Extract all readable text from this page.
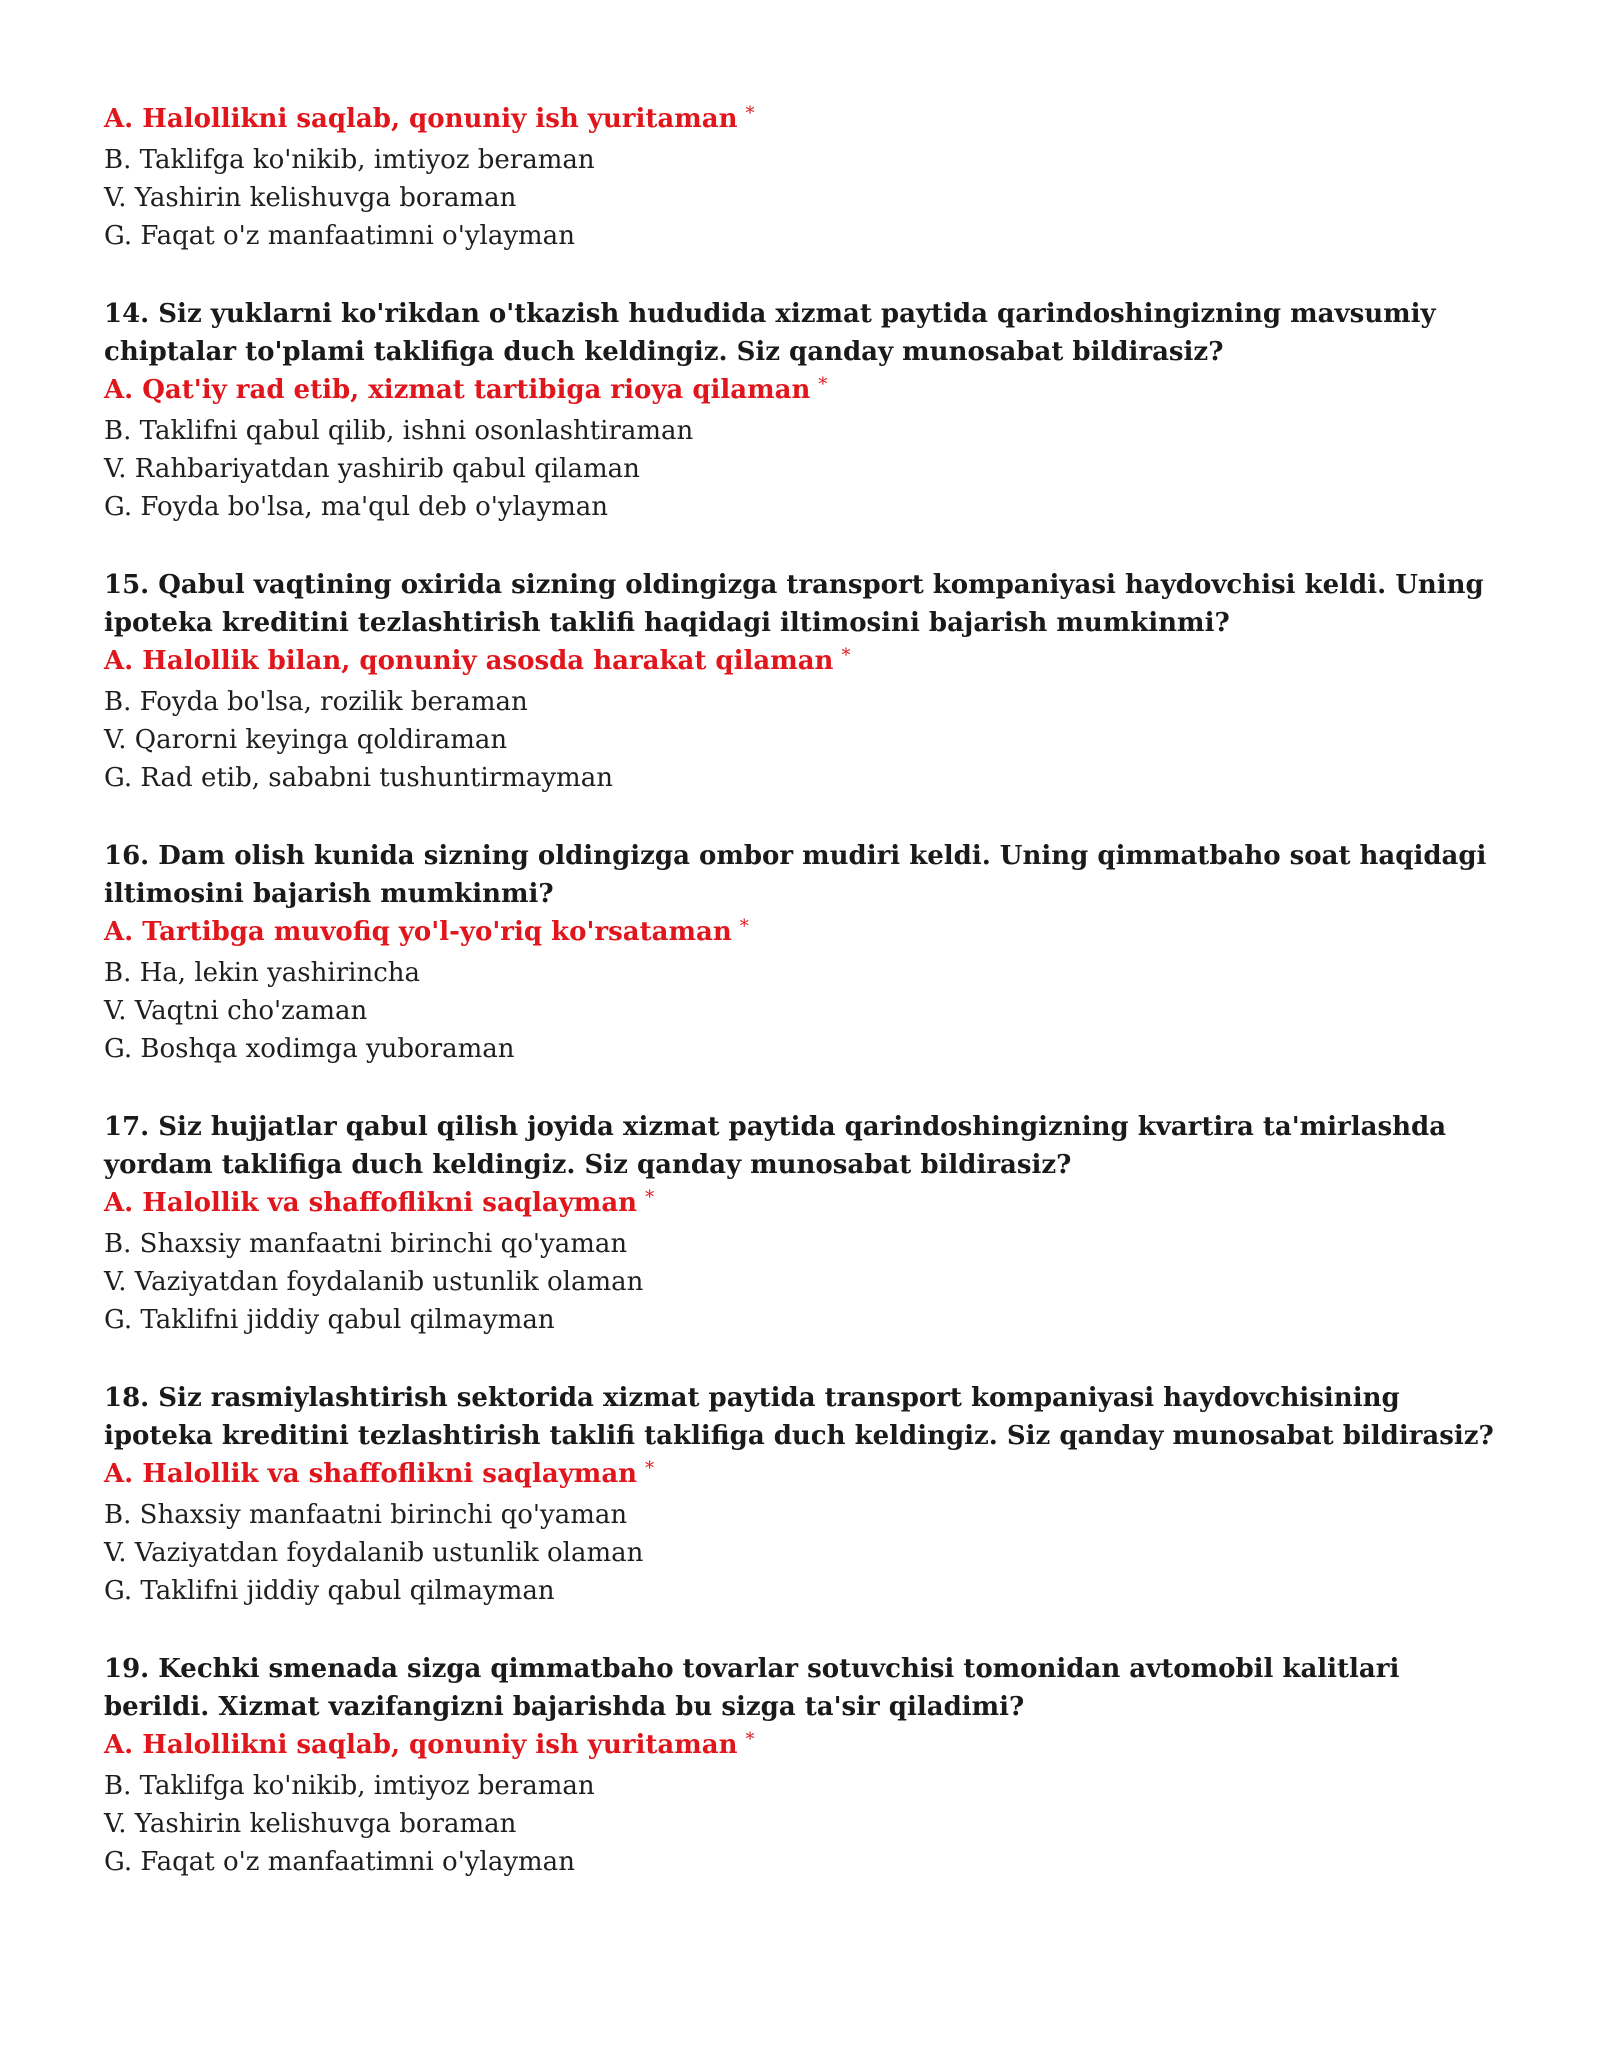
A. Halollikni saqlab, qonuniy ish yuritaman *

B. Taklifga ko'nikib, imtiyoz beraman

V. Yashirin kelishuvga boraman

G. Faqat o'z manfaatimni o'ylayman

14. Siz yuklarni ko'rikdan o'tkazish hududida xizmat paytida qarindoshingizning mavsumiy chiptalar to'plami taklifiga duch keldingiz. Siz qanday munosabat bildirasiz?

A. Qat'iy rad etib, xizmat tartibiga rioya qilaman *

B. Taklifni qabul qilib, ishni osonlashtiraman

V. Rahbariyatdan yashirib qabul qilaman

G. Foyda bo'lsa, ma'qul deb o'ylayman

15. Qabul vaqtining oxirida sizning oldingizga transport kompaniyasi haydovchisi keldi. Uning ipoteka kreditini tezlashtirish taklifi haqidagi iltimosini bajarish mumkinmi?

A. Halollik bilan, qonuniy asosda harakat qilaman *

B. Foyda bo'lsa, rozilik beraman

V. Qarorni keyinga qoldiraman

G. Rad etib, sababni tushuntirmayman

16. Dam olish kunida sizning oldingizga ombor mudiri keldi. Uning qimmatbaho soat haqidagi iltimosini bajarish mumkinmi?

A. Tartibga muvofiq yo'l-yo'riq ko'rsataman *

B. Ha, lekin yashirincha

V. Vaqtni cho'zaman

G. Boshqa xodimga yuboraman

17. Siz hujjatlar qabul qilish joyida xizmat paytida qarindoshingizning kvartira ta'mirlashda yordam taklifiga duch keldingiz. Siz qanday munosabat bildirasiz?

A. Halollik va shaffoflikni saqlayman *

B. Shaxsiy manfaatni birinchi qo'yaman

V. Vaziyatdan foydalanib ustunlik olaman

G. Taklifni jiddiy qabul qilmayman

18. Siz rasmiylashtirish sektorida xizmat paytida transport kompaniyasi haydovchisining ipoteka kreditini tezlashtirish taklifi taklifiga duch keldingiz. Siz qanday munosabat bildirasiz?

A. Halollik va shaffoflikni saqlayman *

B. Shaxsiy manfaatni birinchi qo'yaman

V. Vaziyatdan foydalanib ustunlik olaman

G. Taklifni jiddiy qabul qilmayman

19. Kechki smenada sizga qimmatbaho tovarlar sotuvchisi tomonidan avtomobil kalitlari berildi. Xizmat vazifangizni bajarishda bu sizga ta'sir qiladimi?

A. Halollikni saqlab, qonuniy ish yuritaman *

B. Taklifga ko'nikib, imtiyoz beraman

V. Yashirin kelishuvga boraman

G. Faqat o'z manfaatimni o'ylayman
